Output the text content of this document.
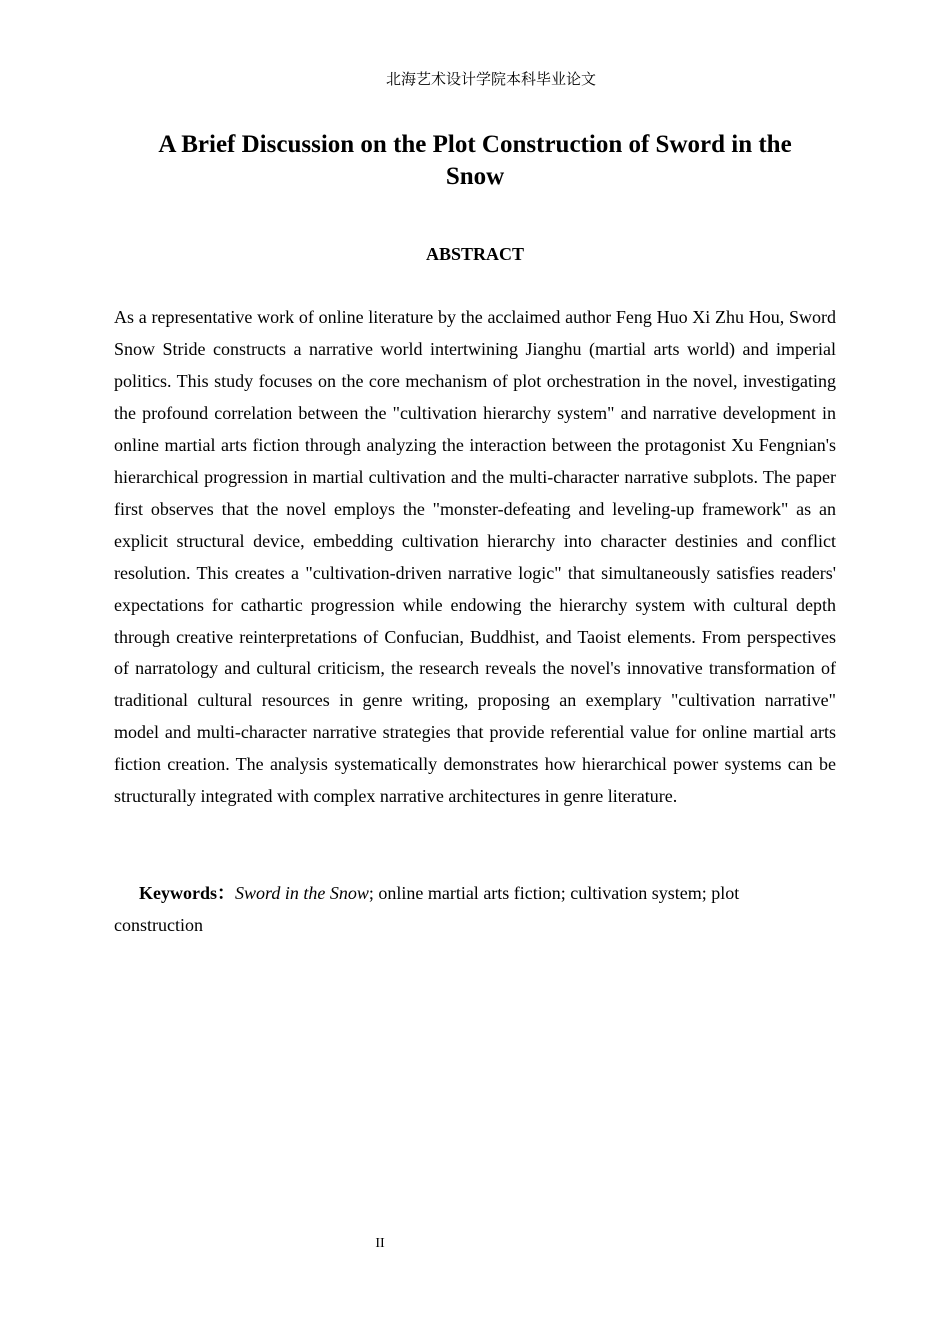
北海艺术设计学院本科毕业论文
A Brief Discussion on the Plot Construction of Sword in the Snow
ABSTRACT

As a representative work of online literature by the acclaimed author Feng Huo Xi Zhu Hou, Sword Snow Stride constructs a narrative world intertwining Jianghu (martial arts world) and imperial politics. This study focuses on the core mechanism of plot orchestration in the novel, investigating the profound correlation between the "cultivation hierarchy system" and narrative development in online martial arts fiction through analyzing the interaction between the protagonist Xu Fengnian's hierarchical progression in martial cultivation and the multi-character narrative subplots. The paper first observes that the novel employs the "monster-defeating and leveling-up framework" as an explicit structural device, embedding cultivation hierarchy into character destinies and conflict resolution. This creates a "cultivation-driven narrative logic" that simultaneously satisfies readers' expectations for cathartic progression while endowing the hierarchy system with cultural depth through creative reinterpretations of Confucian, Buddhist, and Taoist elements. From perspectives of narratology and cultural criticism, the research reveals the novel's innovative transformation of traditional cultural resources in genre writing, proposing an exemplary "cultivation narrative" model and multi-character narrative strategies that provide referential value for online martial arts fiction creation. The analysis systematically demonstrates how hierarchical power systems can be structurally integrated with complex narrative architectures in genre literature.

Keywords：Sword in the Snow; online martial arts fiction; cultivation system; plot construction

II
